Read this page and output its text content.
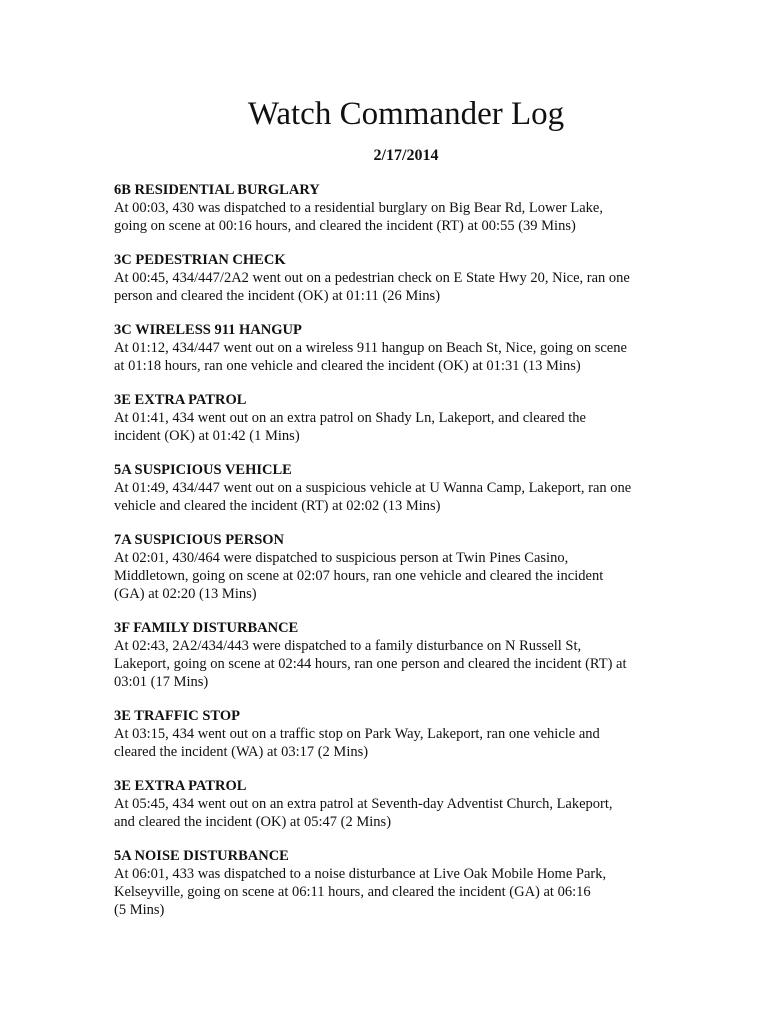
Watch Commander Log
2/17/2014
6B RESIDENTIAL BURGLARY
At 00:03, 430 was dispatched to a residential burglary on Big Bear Rd, Lower Lake,
going on scene at 00:16 hours, and cleared the incident (RT) at 00:55 (39 Mins)
3C PEDESTRIAN CHECK
At 00:45, 434/447/2A2 went out on a pedestrian check on E State Hwy 20, Nice, ran one
person and cleared the incident (OK) at 01:11 (26 Mins)
3C WIRELESS 911 HANGUP
At 01:12, 434/447 went out on a wireless 911 hangup on Beach St, Nice, going on scene
at 01:18 hours, ran one vehicle and cleared the incident (OK) at 01:31 (13 Mins)
3E EXTRA PATROL
At 01:41, 434 went out on an extra patrol on Shady Ln, Lakeport, and cleared the
incident (OK) at 01:42 (1 Mins)
5A SUSPICIOUS VEHICLE
At 01:49, 434/447 went out on a suspicious vehicle at U Wanna Camp, Lakeport, ran one
vehicle and cleared the incident (RT) at 02:02 (13 Mins)
7A SUSPICIOUS PERSON
At 02:01, 430/464 were dispatched to suspicious person at Twin Pines Casino,
Middletown, going on scene at 02:07 hours, ran one vehicle and cleared the incident
(GA) at 02:20 (13 Mins)
3F FAMILY DISTURBANCE
At 02:43, 2A2/434/443 were dispatched to a family disturbance on N Russell St,
Lakeport, going on scene at 02:44 hours, ran one person and cleared the incident (RT) at
03:01 (17 Mins)
3E TRAFFIC STOP
At 03:15, 434 went out on a traffic stop on Park Way, Lakeport, ran one vehicle and
cleared the incident (WA) at 03:17 (2 Mins)
3E EXTRA PATROL
At 05:45, 434 went out on an extra patrol at Seventh-day Adventist Church, Lakeport,
and cleared the incident (OK) at 05:47 (2 Mins)
5A NOISE DISTURBANCE
At 06:01, 433 was dispatched to a noise disturbance at Live Oak Mobile Home Park,
Kelseyville, going on scene at 06:11 hours, and cleared the incident (GA) at 06:16
(5 Mins)
